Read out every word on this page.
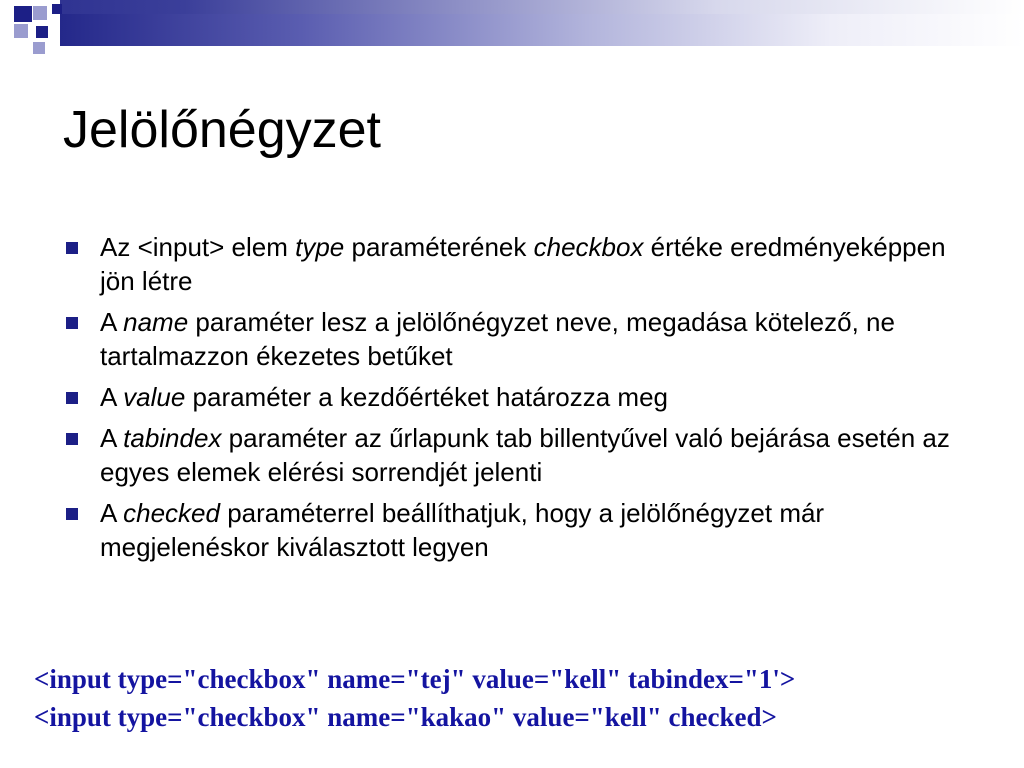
Jelölőnégyzet
Az <input> elem type paraméterének checkbox értéke eredményeképpen jön létre
A name paraméter lesz a jelölőnégyzet neve, megadása kötelező, ne tartalmazzon ékezetes betűket
A value paraméter a kezdőértéket határozza meg
A tabindex paraméter az űrlapunk tab billentyűvel való bejárása esetén az egyes elemek elérési sorrendjét jelenti
A checked paraméterrel beállíthatjuk, hogy a jelölőnégyzet már megjelenéskor kiválasztott legyen
<input type="checkbox" name="tej" value="kell" tabindex="1'>
<input type="checkbox" name="kakao" value="kell" checked>
